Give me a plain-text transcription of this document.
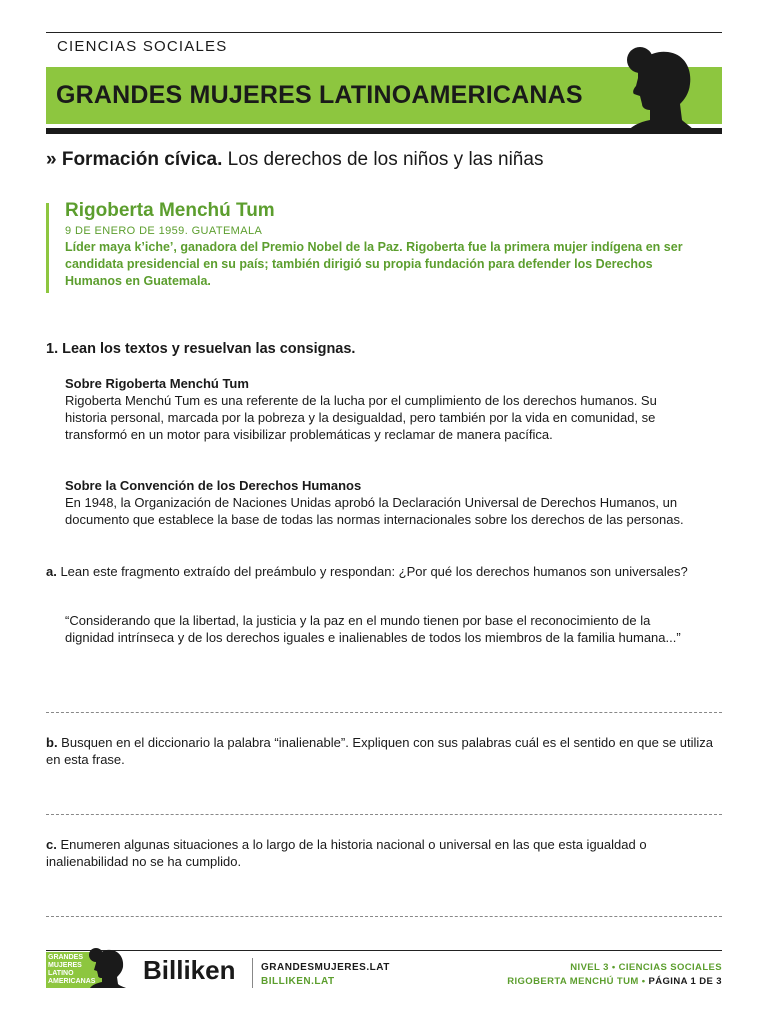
CIENCIAS SOCIALES
GRANDES MUJERES LATINOAMERICANAS
» Formación cívica. Los derechos de los niños y las niñas
Rigoberta Menchú Tum
9 DE ENERO DE 1959. GUATEMALA
Líder maya k’iche’, ganadora del Premio Nobel de la Paz. Rigoberta fue la primera mujer indígena en ser candidata presidencial en su país; también dirigió su propia fundación para defender los Derechos Humanos en Guatemala.
1. Lean los textos y resuelvan las consignas.
Sobre Rigoberta Menchú Tum
Rigoberta Menchú Tum es una referente de la lucha por el cumplimiento de los derechos humanos. Su historia personal, marcada por la pobreza y la desigualdad, pero también por la vida en comunidad, se transformó en un motor para visibilizar problemáticas y reclamar de manera pacífica.
Sobre la Convención de los Derechos Humanos
En 1948, la Organización de Naciones Unidas aprobó la Declaración Universal de Derechos Humanos, un documento que establece la base de todas las normas internacionales sobre los derechos de las personas.
a. Lean este fragmento extraído del preámbulo y respondan: ¿Por qué los derechos humanos son universales?
“Considerando que la libertad, la justicia y la paz en el mundo tienen por base el reconocimiento de la dignidad intrínseca y de los derechos iguales e inalienables de todos los miembros de la familia humana...”
b. Busquen en el diccionario la palabra “inalienable”. Expliquen con sus palabras cuál es el sentido en que se utiliza en esta frase.
c. Enumeren algunas situaciones a lo largo de la historia nacional o universal en las que esta igualdad o inalienabilidad no se ha cumplido.
GRANDES
MUJERES
LATINO
AMERICANAS Billiken	GRANDESMUJERES.LAT
BILLIKEN.LAT
NIVEL 3 • CIENCIAS SOCIALES
RIGOBERTA MENCHÚ TUM • PÁGINA 1 DE 3
